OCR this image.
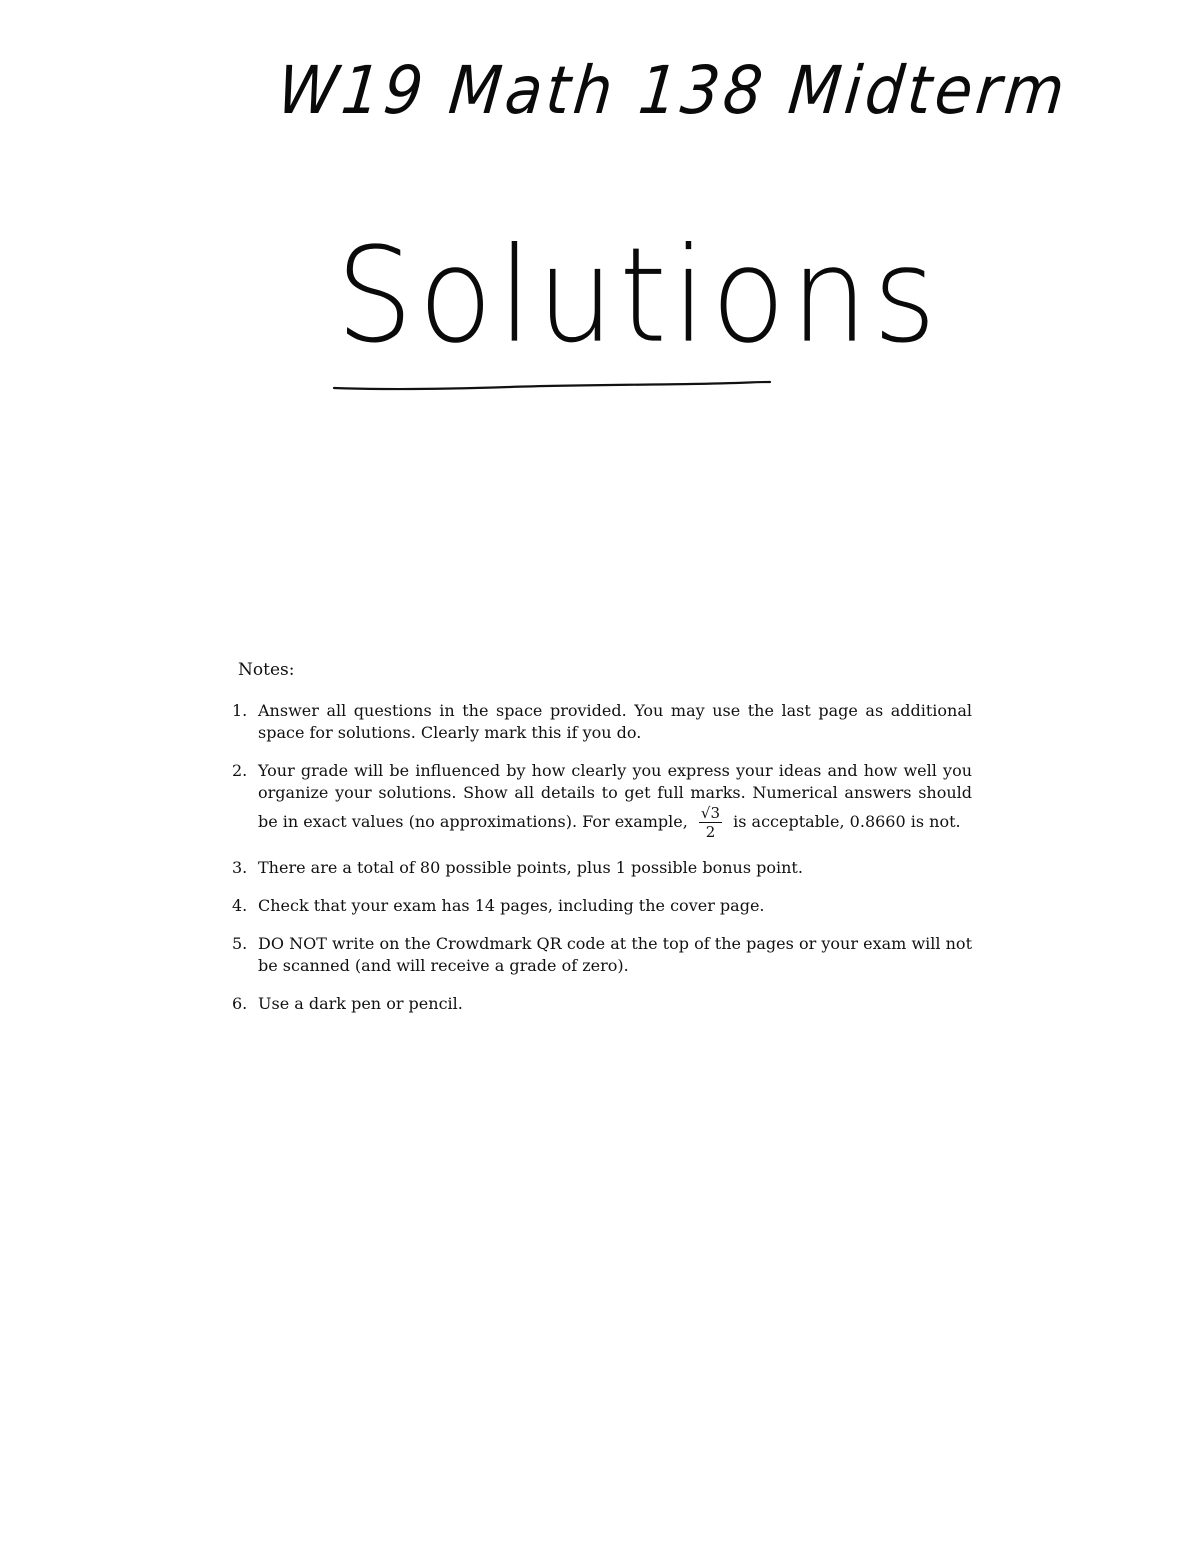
W19 Math 138 Midterm
Solutions
Notes:
1. Answer all questions in the space provided. You may use the last page as additional space for solutions. Clearly mark this if you do.
2. Your grade will be influenced by how clearly you express your ideas and how well you organize your solutions. Show all details to get full marks. Numerical answers should be in exact values (no approximations). For example, $\frac{√3}{2}$ is acceptable, 0.8660 is not.
3. There are a total of 80 possible points, plus 1 possible bonus point.
4. Check that your exam has 14 pages, including the cover page.
5. DO NOT write on the Crowdmark QR code at the top of the pages or your exam will not be scanned (and will receive a grade of zero).
6. Use a dark pen or pencil.
